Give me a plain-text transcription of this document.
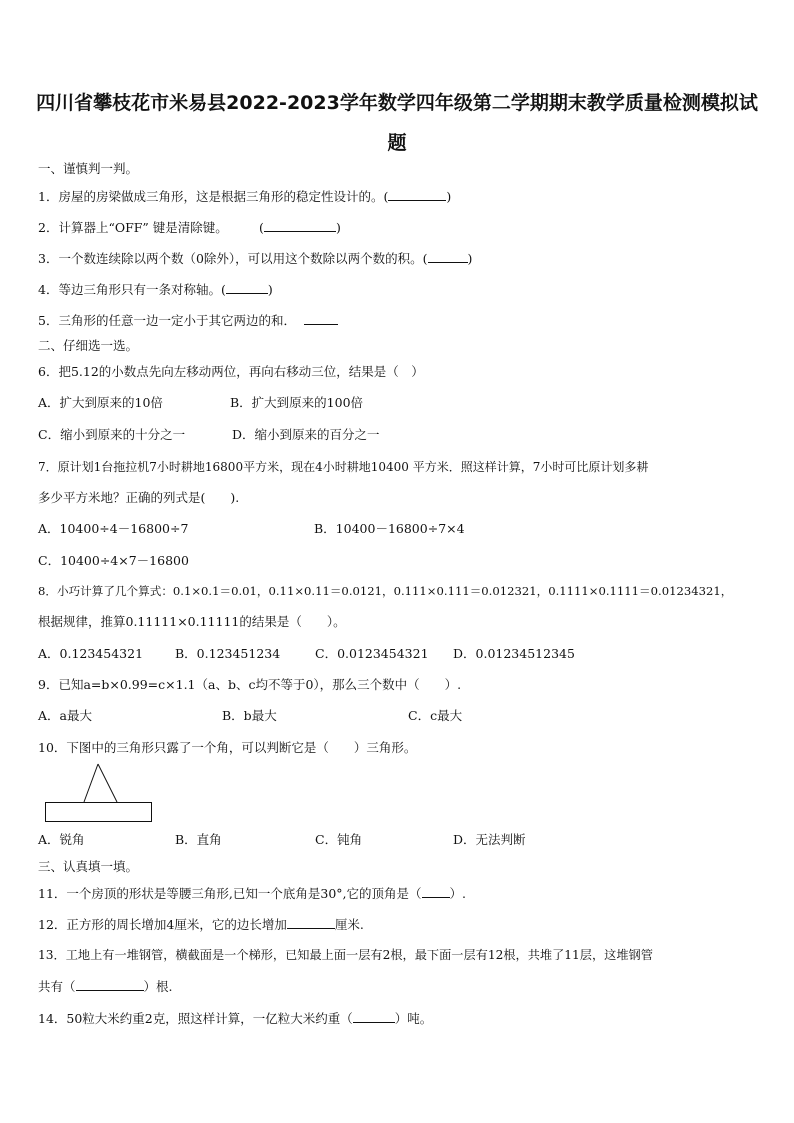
四川省攀枝花市米易县2022-2023学年数学四年级第二学期期末教学质量检测模拟试
题
一、谨慎判一判。
1．房屋的房梁做成三角形，这是根据三角形的稳定性设计的。(	)
2．计算器上“OFF” 键是清除键。　　　(	)
3．一个数连续除以两个数（0除外），可以用这个数除以两个数的积。(	)
4．等边三角形只有一条对称轴。(	)
5．三角形的任意一边一定小于其它两边的和．
二、仔细选一选。
6．把5.12的小数点先向左移动两位，再向右移动三位，结果是（　）
A．扩大到原来的10倍	B．扩大到原来的100倍
C．缩小到原来的十分之一	D．缩小到原来的百分之一
7．原计划1台拖拉机7小时耕地16800平方米，现在4小时耕地10400 平方米．照这样计算，7小时可比原计划多耕
多少平方米地？正确的列式是(　　).
A．10400÷4－16800÷7	B．10400－16800÷7×4
C．10400÷4×7－16800
8．小巧计算了几个算式：0.1×0.1＝0.01，0.11×0.11＝0.0121，0.111×0.111＝0.012321，0.1111×0.1111＝0.01234321，
根据规律，推算0.11111×0.11111的结果是（　　）。
A．0.123454321	B．0.123451234	C．0.0123454321 D．0.01234512345
9．已知a=b×0.99=c×1.1（a、b、c均不等于0），那么三个数中（　　）.
A．a最大	B．b最大	C．c最大
10．下图中的三角形只露了一个角，可以判断它是（　　）三角形。
A．锐角	B．直角	C．钝角	D．无法判断
三、认真填一填。
11．一个房顶的形状是等腰三角形,已知一个底角是30°,它的顶角是（ ）.
12．正方形的周长增加4厘米，它的边长增加	厘米.
13．工地上有一堆钢管，横截面是一个梯形，已知最上面一层有2根，最下面一层有12根，共堆了11层，这堆钢管
共有（	）根.
14．50粒大米约重2克，照这样计算，一亿粒大米约重（	）吨。
